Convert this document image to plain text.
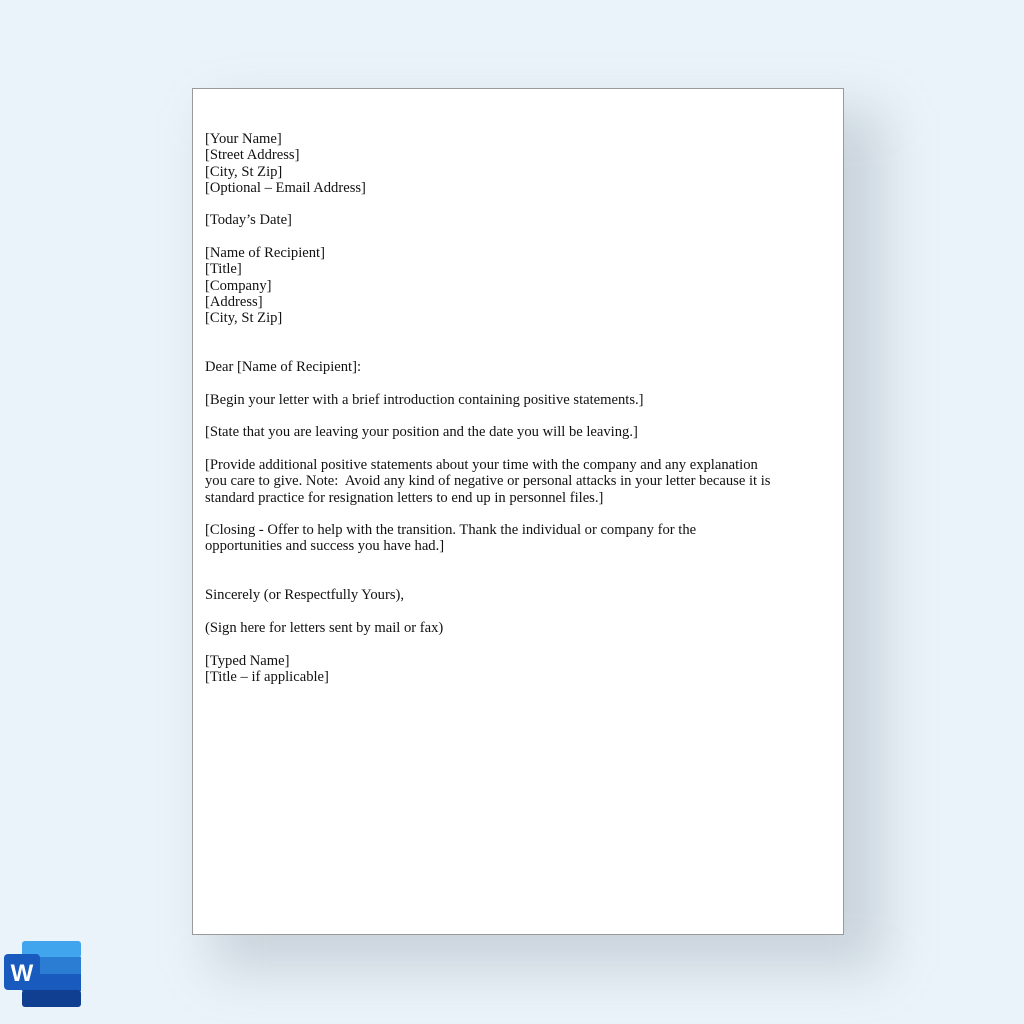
[Your Name]
[Street Address]
[City, St Zip]
[Optional – Email Address]
[Today’s Date]
[Name of Recipient]
[Title]
[Company]
[Address]
[City, St Zip]
Dear [Name of Recipient]:
[Begin your letter with a brief introduction containing positive statements.]
[State that you are leaving your position and the date you will be leaving.]
[Provide additional positive statements about your time with the company and any explanation
you care to give. Note:  Avoid any kind of negative or personal attacks in your letter because it is
standard practice for resignation letters to end up in personnel files.]
[Closing - Offer to help with the transition. Thank the individual or company for the
opportunities and success you have had.]
Sincerely (or Respectfully Yours),
(Sign here for letters sent by mail or fax)
[Typed Name]
[Title – if applicable]
W
